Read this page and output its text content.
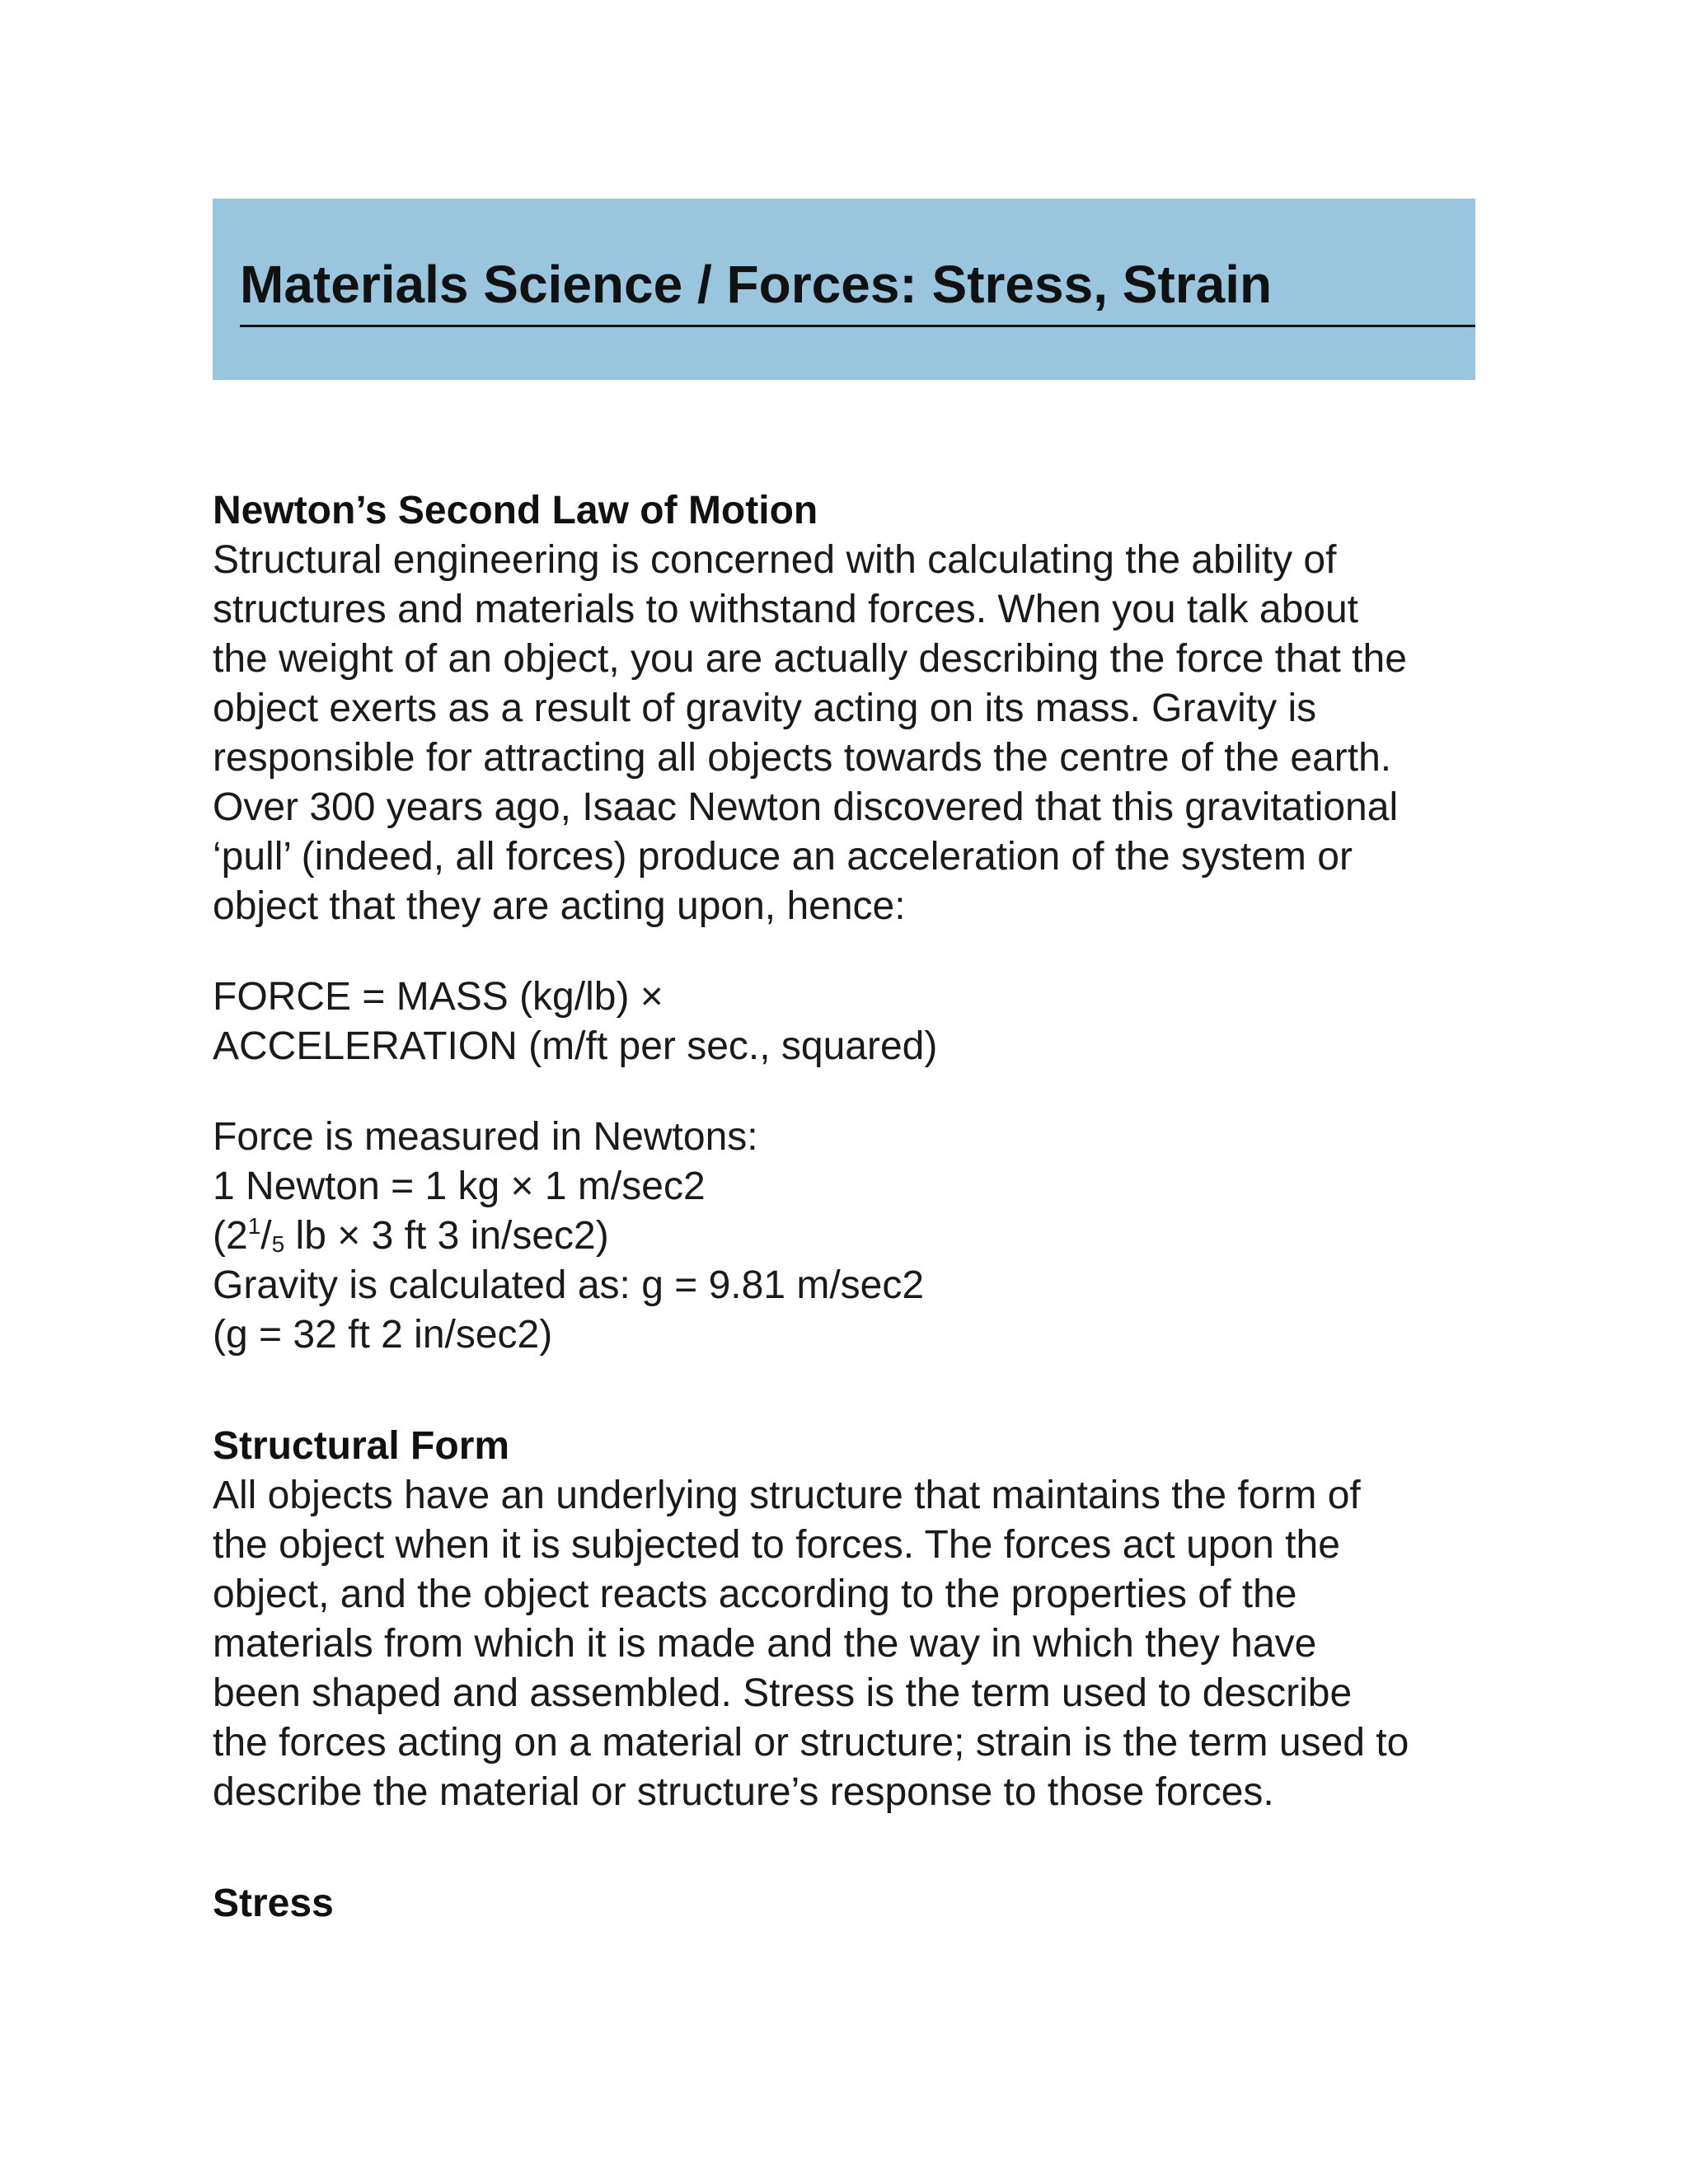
Materials Science / Forces: Stress, Strain
Newton’s Second Law of Motion

Structural engineering is concerned with calculating the ability of
structures and materials to withstand forces. When you talk about
the weight of an object, you are actually describing the force that the
object exerts as a result of gravity acting on its mass. Gravity is
responsible for attracting all objects towards the centre of the earth.
Over 300 years ago, Isaac Newton discovered that this gravitational
‘pull’ (indeed, all forces) produce an acceleration of the system or
object that they are acting upon, hence:

FORCE = MASS (kg/lb) ×
ACCELERATION (m/ft per sec., squared)

Force is measured in Newtons:
1 Newton = 1 kg × 1 m/sec2
($2^1/5$ lb × 3 ft 3 in/sec2)
Gravity is calculated as: g = 9.81 m/sec2
(g = 32 ft 2 in/sec2)

Structural Form

All objects have an underlying structure that maintains the form of
the object when it is subjected to forces. The forces act upon the
object, and the object reacts according to the properties of the
materials from which it is made and the way in which they have
been shaped and assembled. Stress is the term used to describe
the forces acting on a material or structure; strain is the term used to
describe the material or structure’s response to those forces.

Stress
